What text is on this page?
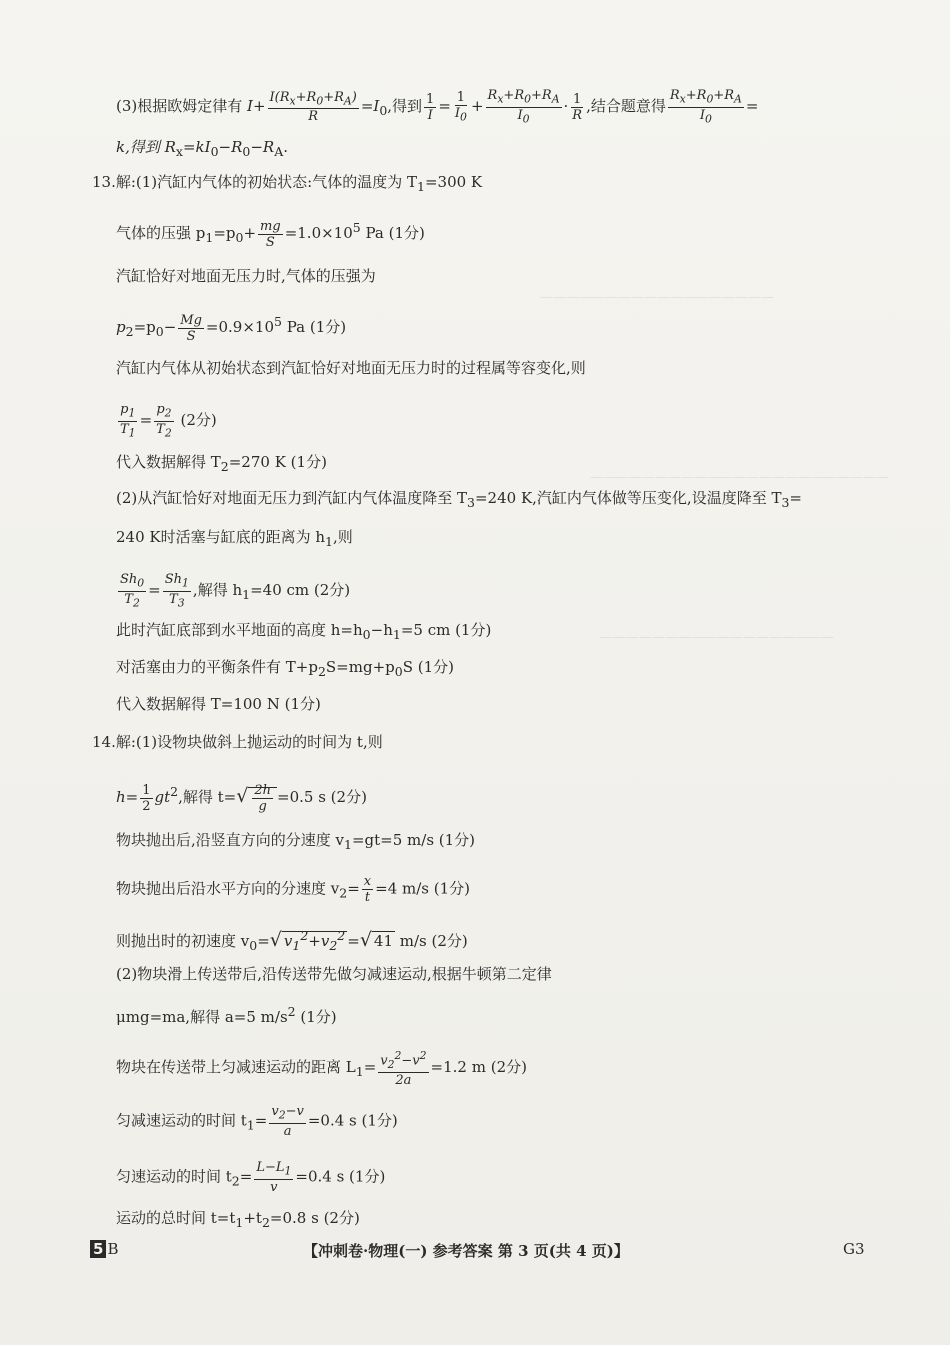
——————————————————
———————————————————————
——————————————————
(3)根据欧姆定律有 $I+ \frac{I(R_x+R_0+R_A)}{R} =I_0$,得到 $\frac{1}{I} = \frac{1}{I_0} + \frac{R_x+R_0+R_A}{I_0} \cdot \frac{1}{R}$ ,结合题意得 $\frac{R_x+R_0+R_A}{I_0}$ =
k,得到 $R_x=kI_0-R_0-R_A$.
13.解:(1)汽缸内气体的初始状态:气体的温度为 $T_1=300$ K
气体的压强 $p_1=p_0+ \frac{mg}{S} =1.0\times 10^5$ Pa (1分)
汽缸恰好对地面无压力时,气体的压强为
$p_2=p_0- \frac{Mg}{S} =0.9\times 10^5$ Pa (1分)
汽缸内气体从初始状态到汽缸恰好对地面无压力时的过程属等容变化,则
$\frac{p_1}{T_1} = \frac{p_2}{T_2} (2$分)
代入数据解得 $T_2=270$ K (1分)
(2)从汽缸恰好对地面无压力到汽缸内气体温度降至 $T_3=240$ K,汽缸内气体做等压变化,设温度降至 $T_3=$
240 K时活塞与缸底的距离为 $h_1$,则
$\frac{Sh_0}{T_2} = \frac{Sh_1}{T_3}$ ,解得 $h_1=40$ cm (2分)
此时汽缸底部到水平地面的高度 $h=h_0-h_1=5$ cm (1分)
对活塞由力的平衡条件有 $T+p_2S=mg+p_0S$ (1分)
代入数据解得 T=100 N (1分)
14.解:(1)设物块做斜上抛运动的时间为 t,则
$h= \frac{1}{2} gt^2$,解得 $t=√ \frac{2h}{g} =0.5$ s (2分)
物块抛出后,沿竖直方向的分速度 $v_1=gt=5$ m/s (1分)
物块抛出后沿水平方向的分速度 $v_2= \frac{x}{t} =4$ m/s (1分)
则抛出时的初速度 $v_0=√$ $v_1^2+v_2^2$ =√ 41 m/s (2分)
(2)物块滑上传送带后,沿传送带先做匀减速运动,根据牛顿第二定律
μmg=ma,解得 a=5 $m/s^2$ (1分)
物块在传送带上匀减速运动的距离 $L_1= \frac{v_2^2-v^2}{2a} =1.2$ m (2分)
匀减速运动的时间 $t_1= \frac{v_2-v}{a} =0.4$ s (1分)
匀速运动的时间 $t_2= \frac{L-L_1}{v} =0.4$ s (1分)
运动的总时间 $t=t_1+t_2=0.8$ s (2分)
5 B	【冲刺卷·物理(一) 参考答案 第 3 页(共 4 页)】	G3
